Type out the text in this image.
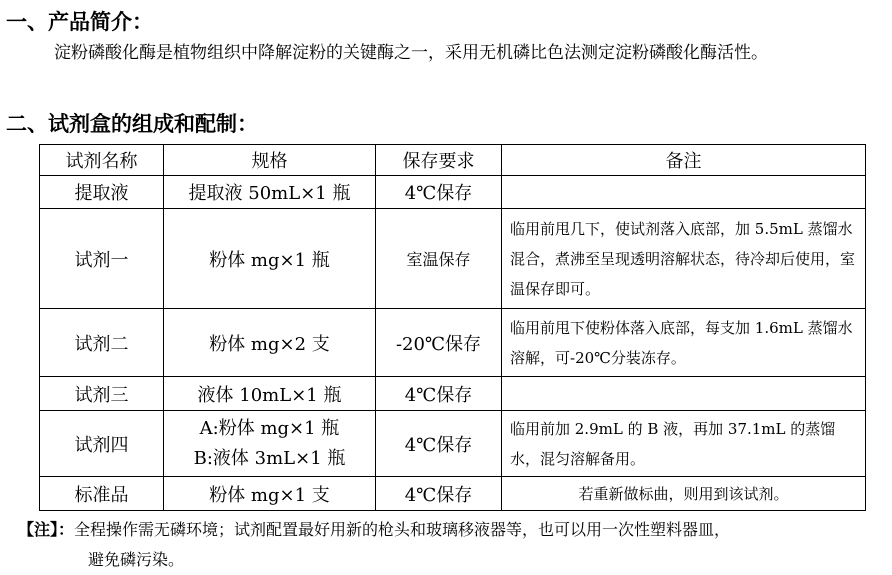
一、产品简介：
淀粉磷酸化酶是植物组织中降解淀粉的关键酶之一，采用无机磷比色法测定淀粉磷酸化酶活性。
二、试剂盒的组成和配制：
试剂名称	规格	保存要求	备注
提取液	提取液 50mL×1 瓶	4℃保存	
试剂一	粉体 mg×1 瓶	室温保存	临用前甩几下，使试剂落入底部，加 5.5mL 蒸馏水混合，煮沸至呈现透明溶解状态，待冷却后使用，室温保存即可。
试剂二	粉体 mg×2 支	-20℃保存	临用前甩下使粉体落入底部，每支加 1.6mL 蒸馏水溶解，可-20℃分装冻存。
试剂三	液体 10mL×1 瓶	4℃保存	
试剂四	A:粉体 mg×1 瓶
B:液体 3mL×1 瓶	4℃保存	临用前加 2.9mL 的 B 液，再加 37.1mL 的蒸馏水，混匀溶解备用。
标准品	粉体 mg×1 支	4℃保存	若重新做标曲，则用到该试剂。
【注】：全程操作需无磷环境；试剂配置最好用新的枪头和玻璃移液器等，也可以用一次性塑料器皿，
避免磷污染。
